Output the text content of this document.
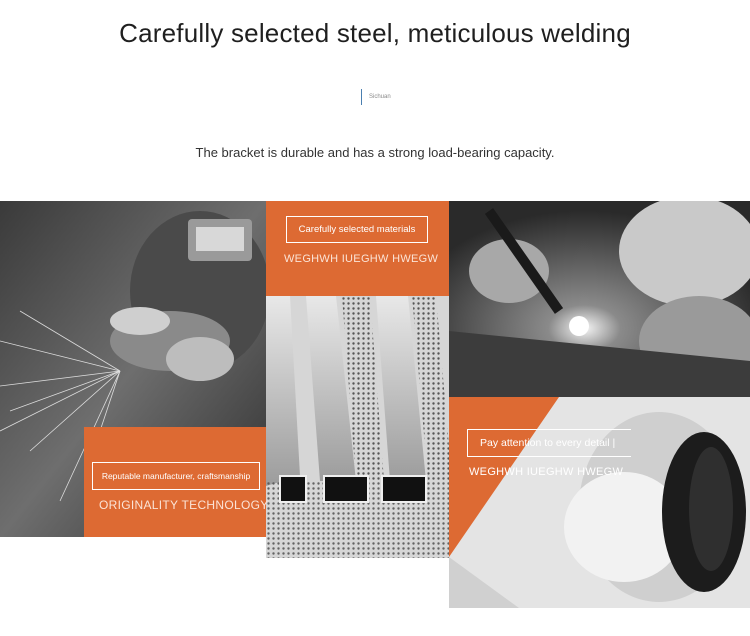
Carefully selected steel, meticulous welding
Sichuan
The bracket is durable and has a strong load-bearing capacity.
Carefully selected materials
WEGHWH IUEGHW HWEGW
Reputable manufacturer, craftsmanship
ORIGINALITY TECHNOLOGY
Pay attention to every detail |
WEGHWH IUEGHW HWEGW
